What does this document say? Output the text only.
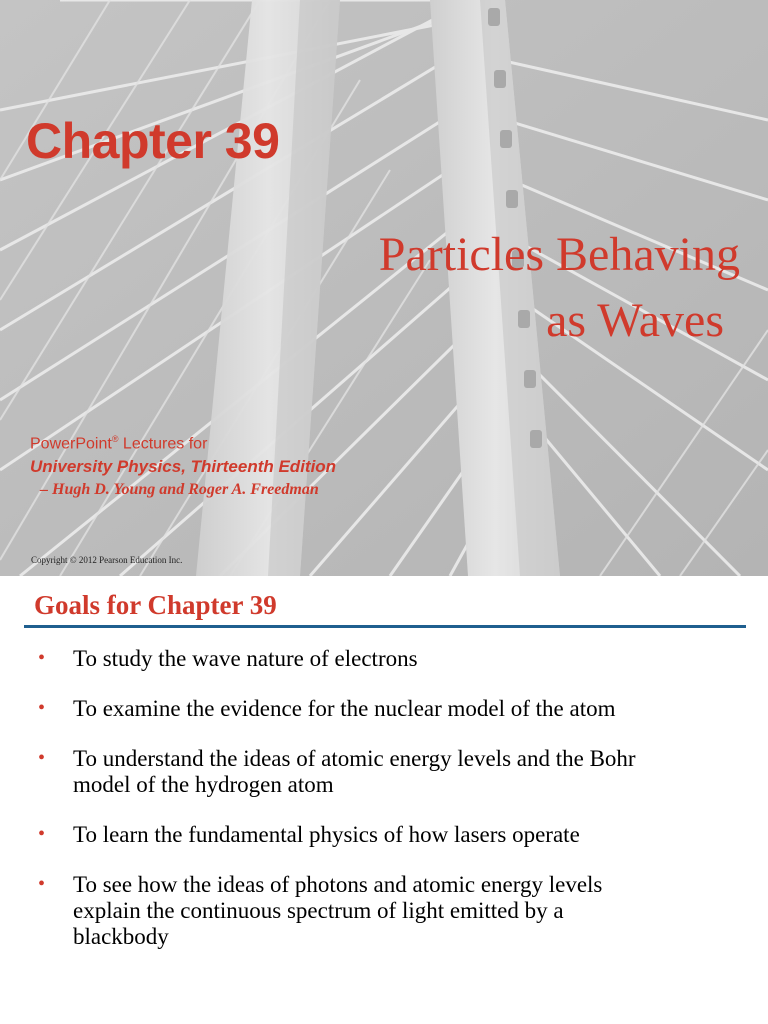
Chapter 39
Particles Behaving
as Waves
PowerPoint® Lectures for
University Physics, Thirteenth Edition
– Hugh D. Young and Roger A. Freedman
Copyright © 2012 Pearson Education Inc.
Goals for Chapter 39
• To study the wave nature of electrons
• To examine the evidence for the nuclear model of the atom
• To understand the ideas of atomic energy levels and the Bohr model of the hydrogen atom
• To learn the fundamental physics of how lasers operate
• To see how the ideas of photons and atomic energy levels explain the continuous spectrum of light emitted by a blackbody
